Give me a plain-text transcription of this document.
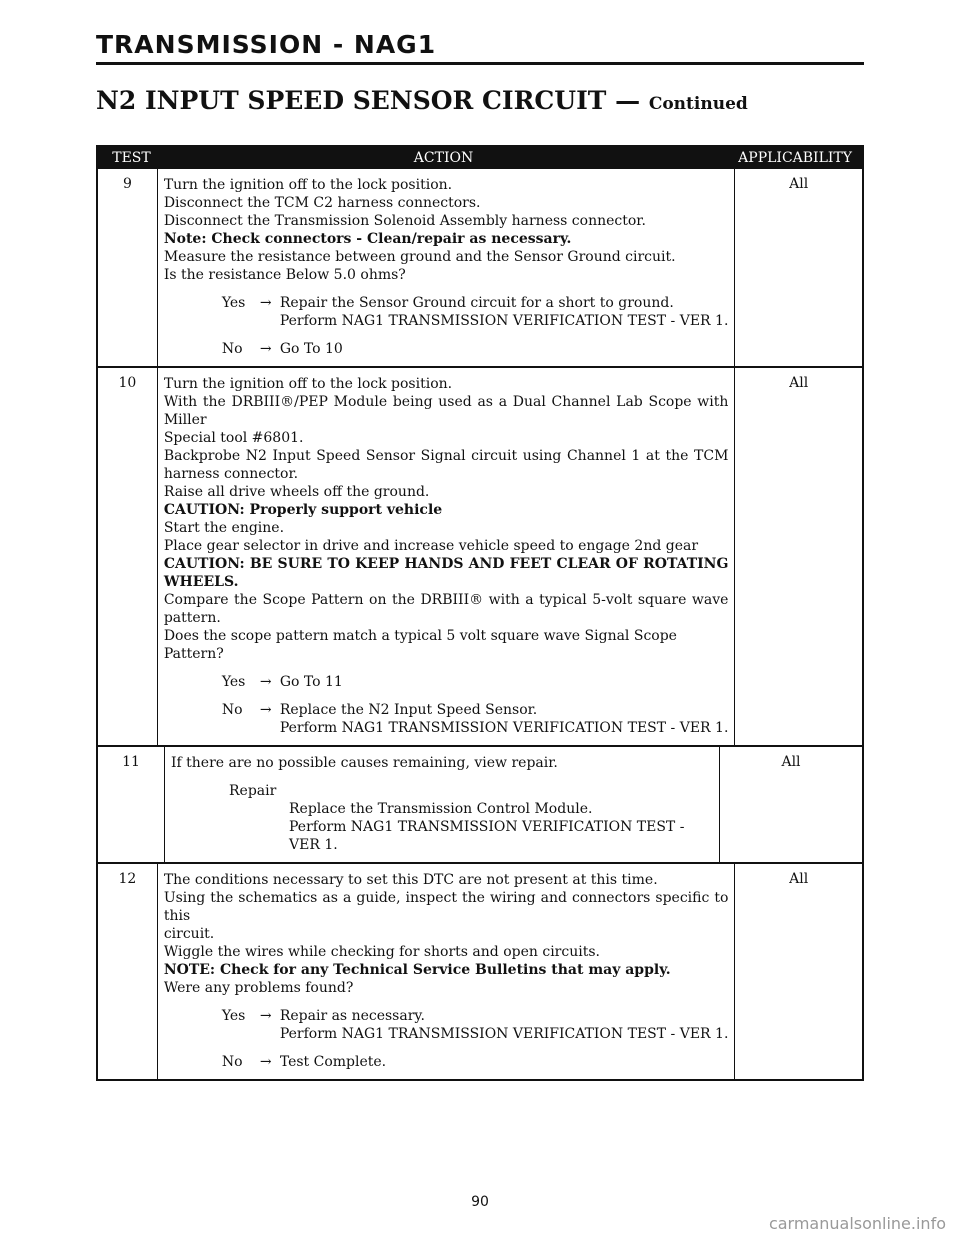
TRANSMISSION - NAG1
N2 INPUT SPEED SENSOR CIRCUIT — Continued
TEST	ACTION	APPLICABILITY
9	Turn the ignition off to the lock position.
Disconnect the TCM C2 harness connectors.
Disconnect the Transmission Solenoid Assembly harness connector.
Note: Check connectors - Clean/repair as necessary.
Measure the resistance between ground and the Sensor Ground circuit.
Is the resistance Below 5.0 ohms?
Yes	→ Repair the Sensor Ground circuit for a short to ground.
Perform NAG1 TRANSMISSION VERIFICATION TEST - VER 1.
No	→ Go To 10
All
10	Turn the ignition off to the lock position.
With the DRBIII®/PEP Module being used as a Dual Channel Lab Scope with Miller
Special tool #6801.
Backprobe N2 Input Speed Sensor Signal circuit using Channel 1 at the TCM
harness connector.
Raise all drive wheels off the ground.
CAUTION: Properly support vehicle
Start the engine.
Place gear selector in drive and increase vehicle speed to engage 2nd gear
CAUTION: BE SURE TO KEEP HANDS AND FEET CLEAR OF ROTATING
WHEELS.
Compare the Scope Pattern on the DRBIII® with a typical 5-volt square wave
pattern.
Does the scope pattern match a typical 5 volt square wave Signal Scope Pattern?
Yes	→ Go To 11
No	→ Replace the N2 Input Speed Sensor.
Perform NAG1 TRANSMISSION VERIFICATION TEST - VER 1.
All
11	If there are no possible causes remaining, view repair.
Repair
Replace the Transmission Control Module.
Perform NAG1 TRANSMISSION VERIFICATION TEST - VER 1.
All
12	The conditions necessary to set this DTC are not present at this time.
Using the schematics as a guide, inspect the wiring and connectors specific to this
circuit.
Wiggle the wires while checking for shorts and open circuits.
NOTE: Check for any Technical Service Bulletins that may apply.
Were any problems found?
Yes	→ Repair as necessary.
Perform NAG1 TRANSMISSION VERIFICATION TEST - VER 1.
No	→ Test Complete.
All
90
carmanualsonline.info
